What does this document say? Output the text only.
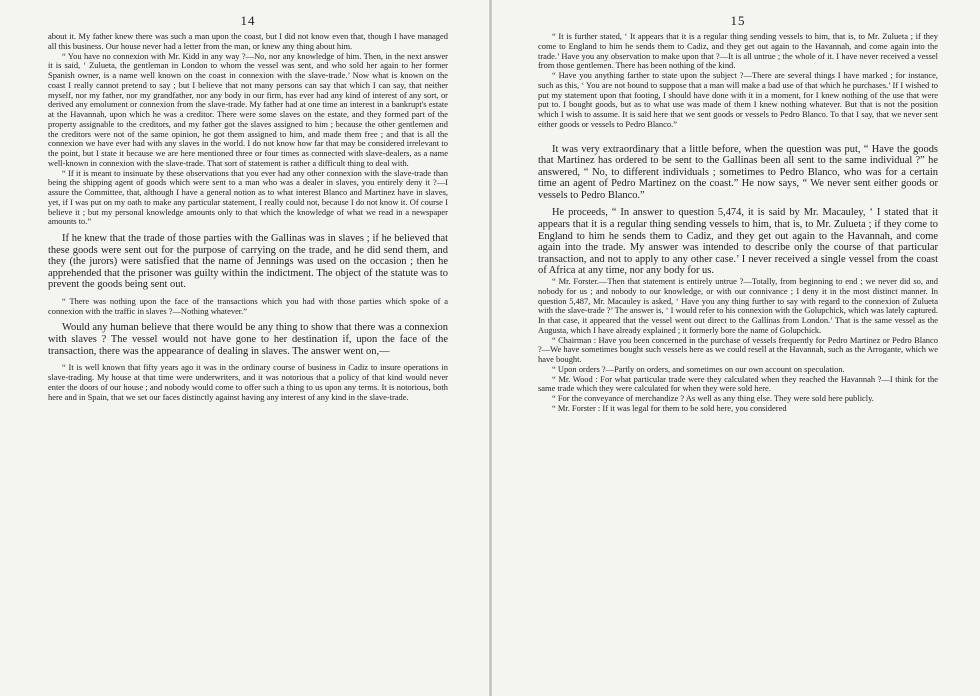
14

about it. My father knew there was such a man upon the coast, but I did not know even that, though I have managed all this business. Our house never had a letter from the man, or knew any thing about him.

“ You have no connexion with Mr. Kidd in any way ?—No, nor any knowledge of him. Then, in the next answer it is said, ‘ Zulueta, the gentleman in London to whom the vessel was sent, and who sold her again to her former Spanish owner, is a name well known on the coast in connexion with the slave-trade.’ Now what is known on the coast I really cannot pretend to say ; but I believe that not many persons can say that which I can say, that neither myself, nor my father, nor my grandfather, nor any body in our firm, has ever had any kind of interest of any sort, or derived any emolument or connexion from the slave-trade. My father had at one time an interest in a bankrupt's estate at the Havannah, upon which he was a creditor. There were some slaves on the estate, and they formed part of the property assignable to the creditors, and my father got the slaves assigned to him ; because the other gentlemen and the creditors were not of the same opinion, he got them assigned to him, and made them free ; and that is all the connexion we have ever had with any slaves in the world. I do not know how far that may be considered irrelevant to the point, but I state it because we are here mentioned three or four times as connected with slave-dealers, as a name well-known in connexion with the slave-trade. That sort of statement is rather a difficult thing to deal with.

“ If it is meant to insinuate by these observations that you ever had any other connexion with the slave-trade than being the shipping agent of goods which were sent to a man who was a dealer in slaves, you entirely deny it ?—I assure the Committee, that, although I have a general notion as to what interest Blanco and Martinez have in slaves, yet, if I was put on my oath to make any particular statement, I really could not, because I do not know it. Of course I believe it ; but my personal knowledge amounts only to that which the knowledge of what we read in a newspaper amounts to.”

If he knew that the trade of those parties with the Gallinas was in slaves ; if he believed that these goods were sent out for the purpose of carrying on the trade, and he did send them, and they (the jurors) were satisfied that the name of Jennings was used on the occasion ; then he apprehended that the prisoner was guilty within the indictment. The object of the statute was to prevent the goods being sent out.

“ There was nothing upon the face of the transactions which you had with those parties which spoke of a connexion with the traffic in slaves ?—Nothing whatever.”

Would any human believe that there would be any thing to show that there was a connexion with slaves ? The vessel would not have gone to her destination if, upon the face of the transaction, there was the appearance of dealing in slaves. The answer went on,—

“ It is well known that fifty years ago it was in the ordinary course of business in Cadiz to insure operations in slave-trading. My house at that time were underwriters, and it was notorious that a policy of that kind would never enter the doors of our house ; and nobody would come to offer such a thing to us upon any terms. It is notorious, both here and in Spain, that we set our faces distinctly against having any interest of any kind in the slave-trade.

15

“ It is further stated, ‘ It appears that it is a regular thing sending vessels to him, that is, to Mr. Zulueta ; if they come to England to him he sends them to Cadiz, and they get out again to the Havannah, and come again into the trade.’ Have you any observation to make upon that ?—It is all untrue ; the whole of it. I have never received a vessel from those gentlemen. There has been nothing of the kind.

“ Have you anything farther to state upon the subject ?—There are several things I have marked ; for instance, such as this, ‘ You are not bound to suppose that a man will make a bad use of that which he purchases.’ If I wished to put my statement upon that footing, I should have done with it in a moment, for I knew nothing of the use that were put to. I bought goods, but as to what use was made of them I knew nothing whatever. But that is not the position which I wish to assume. It is said here that we sent goods or vessels to Pedro Blanco. To that I say, that we never sent either goods or vessels to Pedro Blanco.”

It was very extraordinary that a little before, when the question was put, “ Have the goods that Martinez has ordered to be sent to the Gallinas been all sent to the same individual ?” he answered, “ No, to different individuals ; sometimes to Pedro Blanco, who was for a certain time an agent of Pedro Martinez on the coast.” He now says, “ We never sent either goods or vessels to Pedro Blanco.”

He proceeds, “ In answer to question 5,474, it is said by Mr. Macauley, ‘ I stated that it appears that it is a regular thing sending vessels to him, that is, to Mr. Zulueta ; if they come to England to him he sends them to Cadiz, and they get out again to the Havannah, and come again into the trade. My answer was intended to describe only the course of that particular transaction, and not to apply to any other case.’ I never received a single vessel from the coast of Africa at any time, nor any body for us.

“ Mr. Forster.—Then that statement is entirely untrue ?—Totally, from beginning to end ; we never did so, and nobody for us ; and nobody to our knowledge, or with our connivance ; I deny it in the most distinct manner. In question 5,487, Mr. Macauley is asked, ‘ Have you any thing further to say with regard to the connexion of Zulueta with the slave-trade ?’ The answer is, ‘ I would refer to his connexion with the Golupchick, which was lately captured. In that case, it appeared that the vessel went out direct to the Gallinas from London.’ That is the same vessel as the Augusta, which I have already explained ; it formerly bore the name of Golupchick.

“ Chairman : Have you been concerned in the purchase of vessels frequently for Pedro Martinez or Pedro Blanco ?—We have sometimes bought such vessels here as we could resell at the Havannah, such as the Arrogante, which we have bought.

“ Upon orders ?—Partly on orders, and sometimes on our own account on speculation.

“ Mr. Wood : For what particular trade were they calculated when they reached the Havannah ?—I think for the same trade which they were calculated for when they were sold here.

“ For the conveyance of merchandize ? As well as any thing else. They were sold here publicly.

“ Mr. Forster : If it was legal for them to be sold here, you considered
